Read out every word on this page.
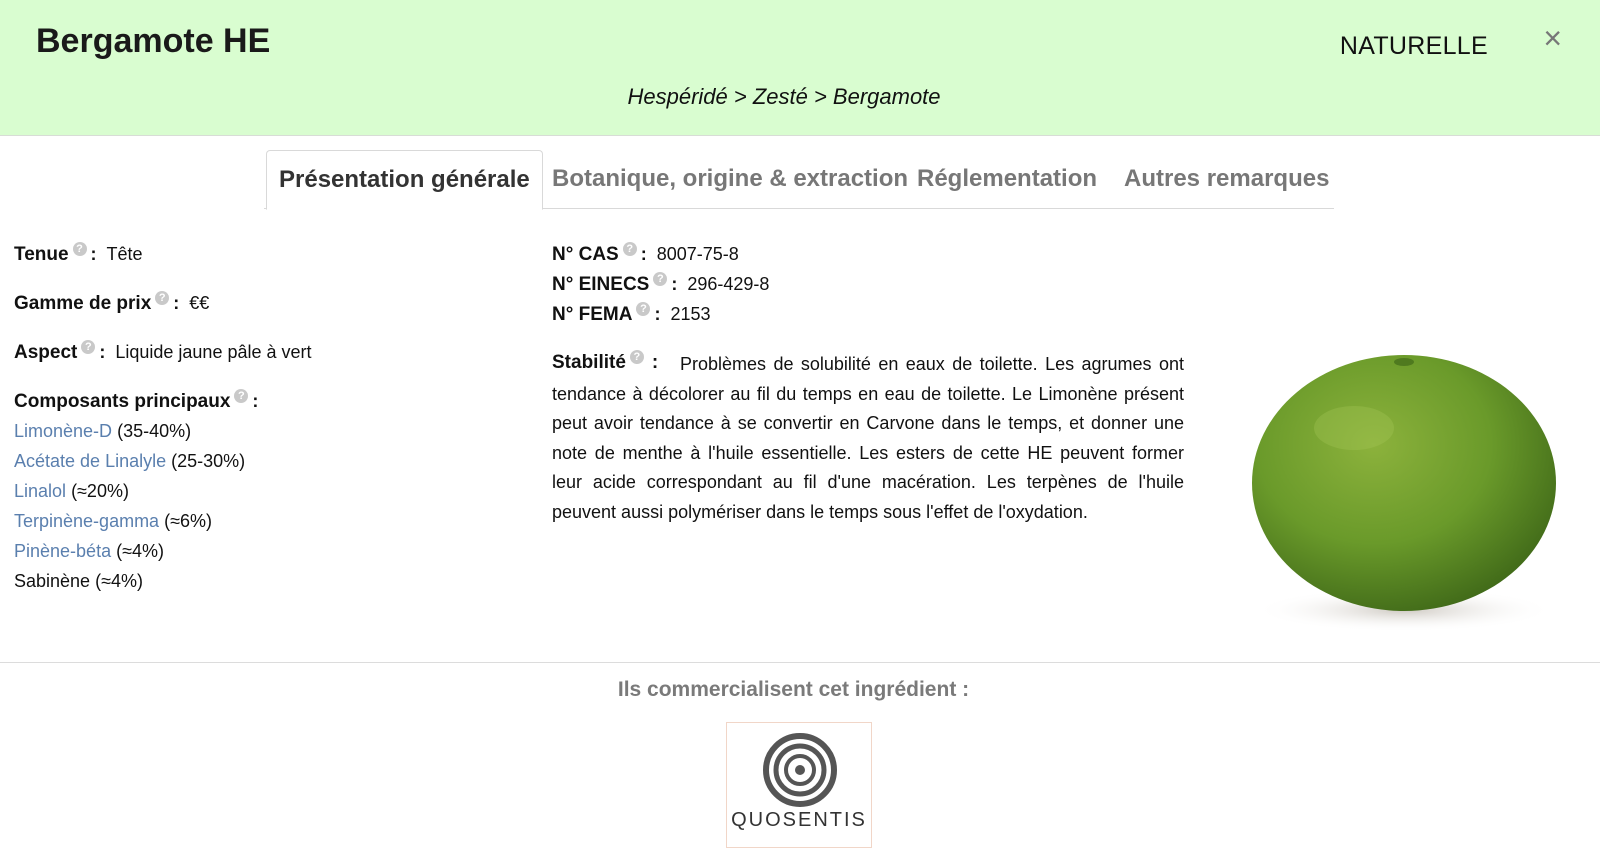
Bergamote HE	NATURELLE ×
Hespéridé > Zesté > Bergamote
Présentation générale Botanique, origine & extraction Réglementation	Autres remarques
Tenue ? : Tête
Gamme de prix ? : €€
Aspect ? : Liquide jaune pâle à vert
Composants principaux ? :
Limonène-D (35-40%)
Acétate de Linalyle (25-30%)
Linalol (≈20%)
Terpinène-gamma (≈6%)
Pinène-béta (≈4%)
Sabinène (≈4%)
N° CAS ? : 8007-75-8
N° EINECS ? : 296-429-8
N° FEMA ? : 2153
Problèmes de solubilité en eaux de toilette. Les agrumes ont tendance à décolorer au fil du temps en eau de toilette. Le Limonène présent peut avoir tendance à se convertir en Carvone dans le temps, et donner une note de menthe à l'huile essentielle. Les esters de cette HE peuvent former leur acide correspondant au fil d'une macération. Les terpènes de l'huile peuvent aussi polymériser dans le temps sous l'effet de l'oxydation.
Stabilité ? :
Ils commercialisent cet ingrédient :
QUOSENTIS
